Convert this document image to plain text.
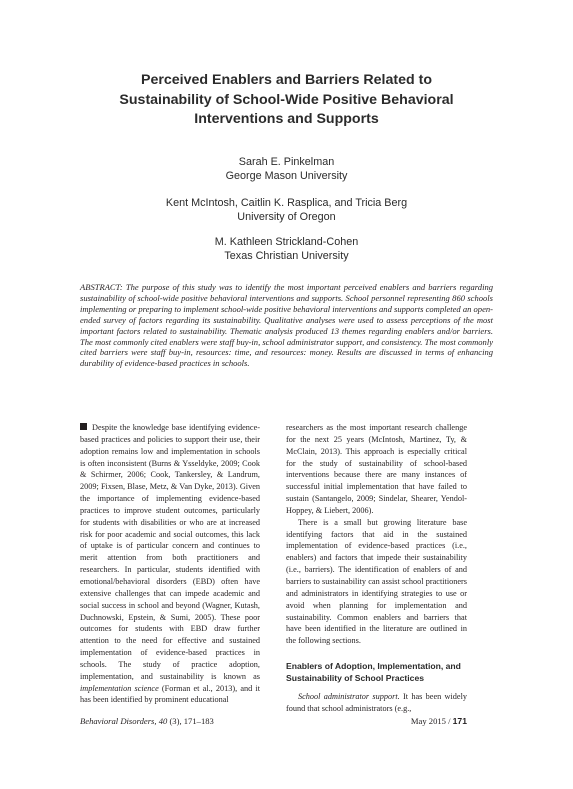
Perceived Enablers and Barriers Related to
Sustainability of School-Wide Positive Behavioral
Interventions and Supports
Sarah E. Pinkelman
George Mason University
Kent McIntosh, Caitlin K. Rasplica, and Tricia Berg
University of Oregon
M. Kathleen Strickland-Cohen
Texas Christian University
ABSTRACT: The purpose of this study was to identify the most important perceived enablers and barriers regarding sustainability of school-wide positive behavioral interventions and supports. School personnel representing 860 schools implementing or preparing to implement school-wide positive behavioral interventions and supports completed an open-ended survey of factors regarding its sustainability. Qualitative analyses were used to assess perceptions of the most important factors related to sustainability. Thematic analysis produced 13 themes regarding enablers and/or barriers. The most commonly cited enablers were staff buy-in, school administrator support, and consistency. The most commonly cited barriers were staff buy-in, resources: time, and resources: money. Results are discussed in terms of enhancing durability of evidence-based practices in schools.

Despite the knowledge base identifying evidence-based practices and policies to support their use, their adoption remains low and implementation in schools is often inconsistent (Burns & Ysseldyke, 2009; Cook & Schirmer, 2006; Cook, Tankersley, & Landrum, 2009; Fixsen, Blase, Metz, & Van Dyke, 2013). Given the importance of implementing evidence-based practices to improve student outcomes, particularly for students with disabilities or who are at increased risk for poor academic and social outcomes, this lack of uptake is of particular concern and continues to merit attention from both practitioners and researchers. In particular, students identified with emotional/behavioral disorders (EBD) often have extensive challenges that can impede academic and social success in school and beyond (Wagner, Kutash, Duchnowski, Epstein, & Sumi, 2005). These poor outcomes for students with EBD draw further attention to the need for effective and sustained implementation of evidence-based practices in schools. The study of practice adoption, implementation, and sustainability is known as implementation science (Forman et al., 2013), and it has been identified by prominent educational

researchers as the most important research challenge for the next 25 years (McIntosh, Martinez, Ty, & McClain, 2013). This approach is especially critical for the study of sustainability of school-based interventions because there are many instances of successful initial implementation that have failed to sustain (Santangelo, 2009; Sindelar, Shearer, Yendol-Hoppey, & Liebert, 2006).

There is a small but growing literature base identifying factors that aid in the sustained implementation of evidence-based practices (i.e., enablers) and factors that impede their sustainability (i.e., barriers). The identification of enablers of and barriers to sustainability can assist school practitioners and administrators in identifying strategies to use or avoid when planning for implementation and sustainability. Common enablers and barriers that have been identified in the literature are outlined in the following sections.

Enablers of Adoption, Implementation, and Sustainability of School Practices

School administrator support. It has been widely found that school administrators (e.g.,

Behavioral Disorders, 40 (3), 171–183	May 2015 / 171
